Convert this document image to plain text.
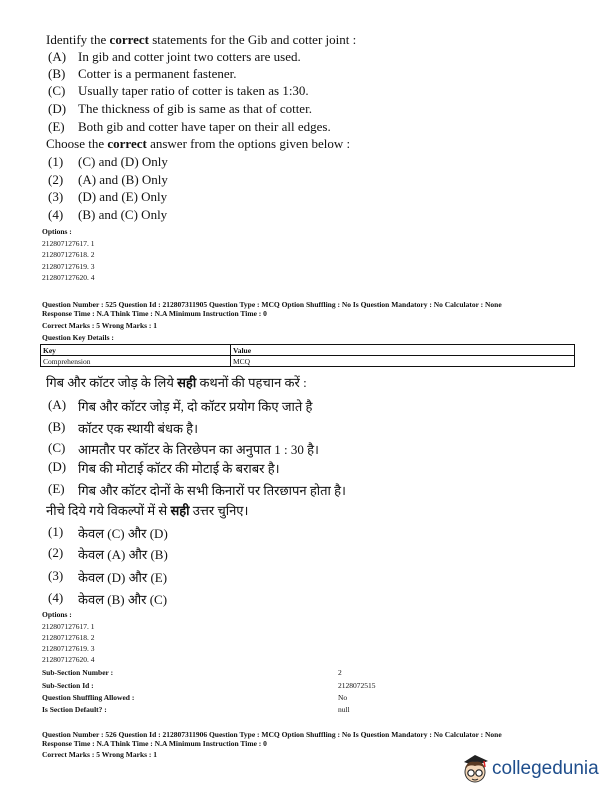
Identify the correct statements for the Gib and cotter joint :
(A) In gib and cotter joint two cotters are used.
(B) Cotter is a permanent fastener.
(C) Usually taper ratio of cotter is taken as 1:30.
(D) The thickness of gib is same as that of cotter.
(E) Both gib and cotter have taper on their all edges.
Choose the correct answer from the options given below :
(1) (C) and (D) Only
(2) (A) and (B) Only
(3) (D) and (E) Only
(4) (B) and (C) Only
Options :
212807127617. 1
212807127618. 2
212807127619. 3
212807127620. 4
Question Number : 525 Question Id : 212807311905 Question Type : MCQ Option Shuffling : No Is Question Mandatory : No Calculator : None
Response Time : N.A Think Time : N.A Minimum Instruction Time : 0
Correct Marks : 5 Wrong Marks : 1
Question Key Details :
Key	Value
Comprehension	MCQ
गिब और कॉटर जोड़ के लिये सही कथनों की पहचान करें :
(A) गिब और कॉटर जोड़ में, दो कॉटर प्रयोग किए जाते है
(B) कॉटर एक स्थायी बंधक है।
(C) आमतौर पर कॉटर के तिरछेपन का अनुपात 1 : 30 है।
(D) गिब की मोटाई कॉटर की मोटाई के बराबर है।
(E) गिब और कॉटर दोनों के सभी किनारों पर तिरछापन होता है।
नीचे दिये गये विकल्पों में से सही उत्तर चुनिए।
(1) केवल (C) और (D)
(2) केवल (A) और (B)
(3) केवल (D) और (E)
(4) केवल (B) और (C)
Options :
212807127617. 1
212807127618. 2
212807127619. 3
212807127620. 4
Sub-Section Number :	2
Sub-Section Id :	2128072515
Question Shuffling Allowed :	No
Is Section Default? :	null
Question Number : 526 Question Id : 212807311906 Question Type : MCQ Option Shuffling : No Is Question Mandatory : No Calculator : None
Response Time : N.A Think Time : N.A Minimum Instruction Time : 0
Correct Marks : 5 Wrong Marks : 1
collegedunia
